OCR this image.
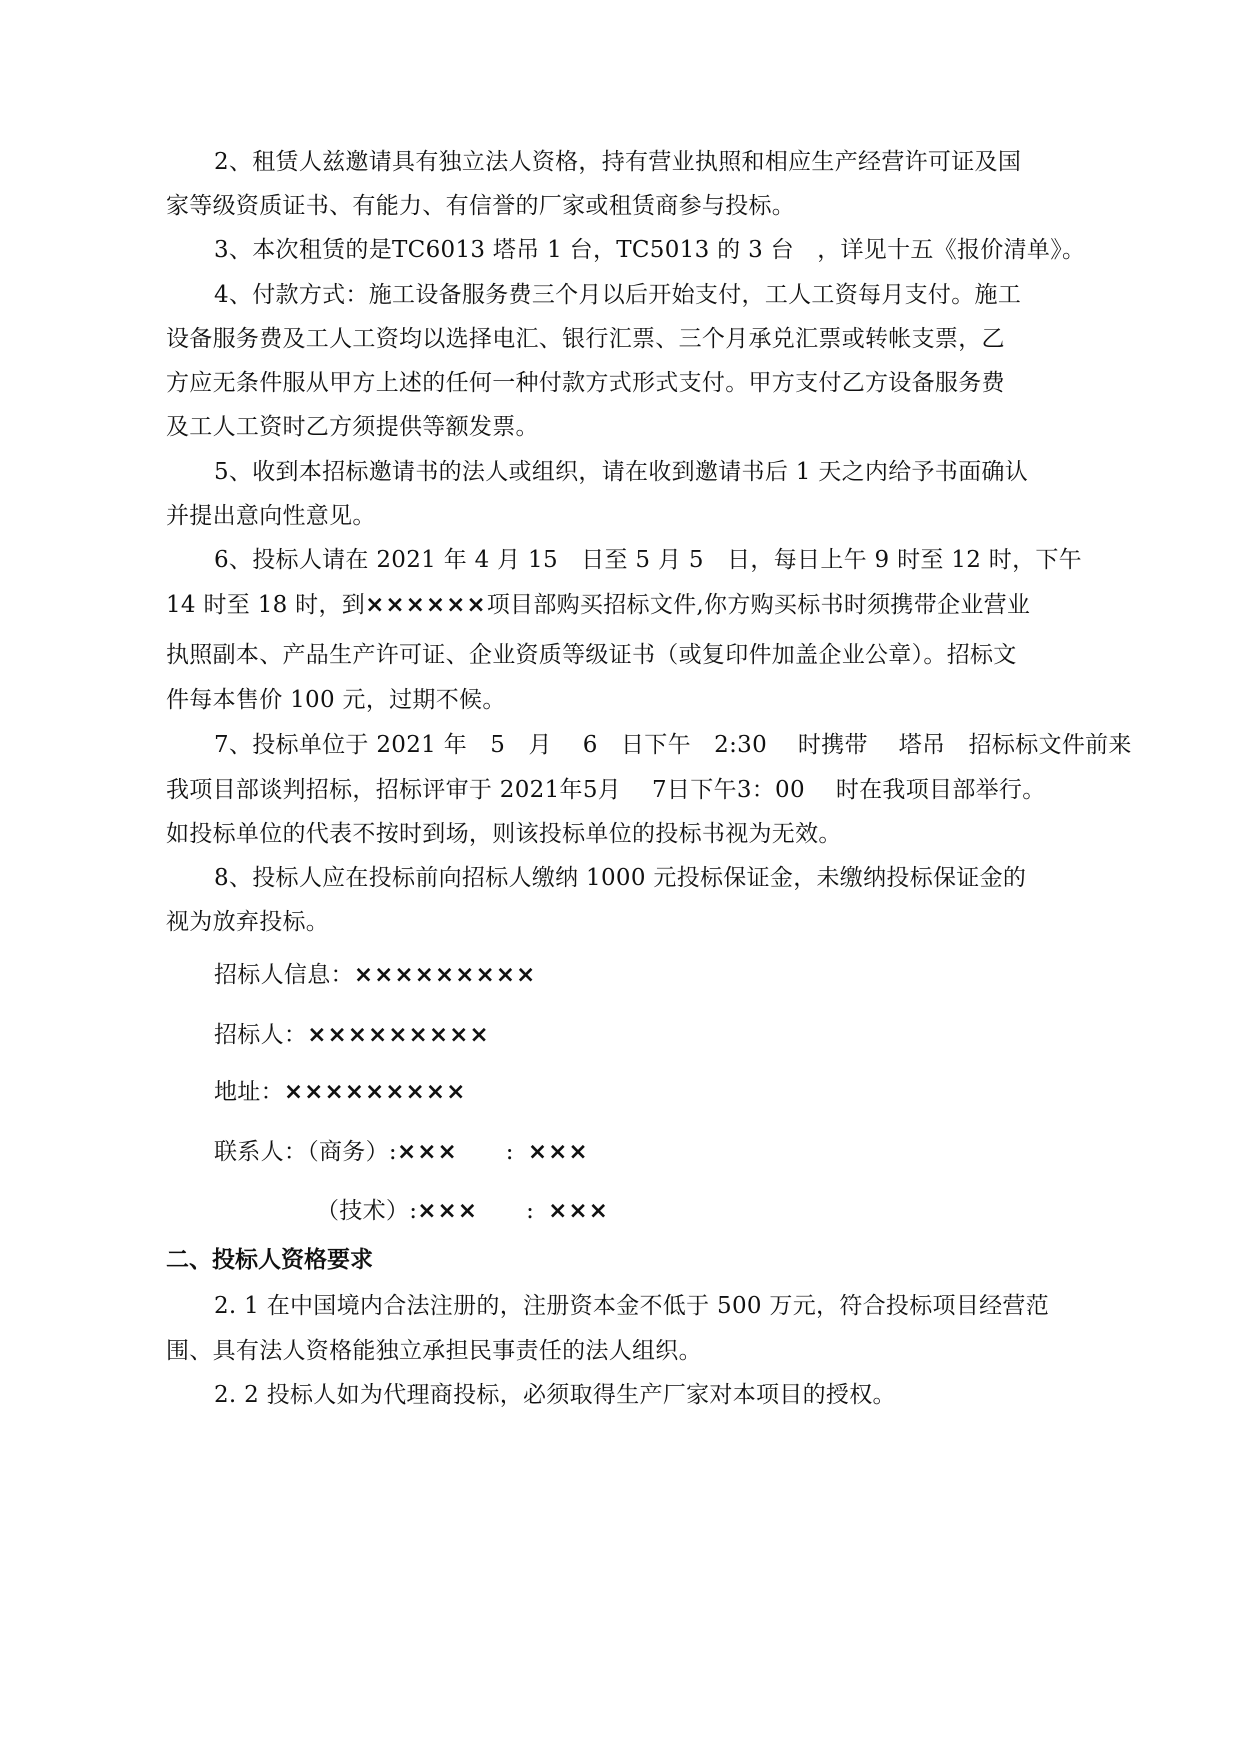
2、租赁人兹邀请具有独立法人资格，持有营业执照和相应生产经营许可证及国
家等级资质证书、有能力、有信誉的厂家或租赁商参与投标。
3、本次租赁的是TC6013 塔吊 1 台，TC5013 的 3 台　，详见十五《报价清单》。
4、付款方式：施工设备服务费三个月以后开始支付，工人工资每月支付。施工
设备服务费及工人工资均以选择电汇、银行汇票、三个月承兑汇票或转帐支票，乙
方应无条件服从甲方上述的任何一种付款方式形式支付。甲方支付乙方设备服务费
及工人工资时乙方须提供等额发票。
5、收到本招标邀请书的法人或组织，请在收到邀请书后 1 天之内给予书面确认
并提出意向性意见。
6、投标人请在 2021 年 4 月 15　日至 5 月 5　日，每日上午 9 时至 12 时，下午
14 时至 18 时，到××××××项目部购买招标文件,你方购买标书时须携带企业营业
执照副本、产品生产许可证、企业资质等级证书（或复印件加盖企业公章）。招标文
件每本售价 100 元，过期不候。
7、投标单位于 2021 年　5　月　 6　日下午　2:30　 时携带　 塔吊　招标标文件前来
我项目部谈判招标，招标评审于 2021年5月　 7日下午3：00　 时在我项目部举行。
如投标单位的代表不按时到场，则该投标单位的投标书视为无效。
8、投标人应在投标前向招标人缴纳 1000 元投标保证金，未缴纳投标保证金的
视为放弃投标。
招标人信息：×××××××××
招标人：×××××××××
地址：×××××××××
联系人：（商务）:××× : ×××
（技术）:××× : ×××
二、投标人资格要求
2. 1 在中国境内合法注册的，注册资本金不低于 500 万元，符合投标项目经营范
围、具有法人资格能独立承担民事责任的法人组织。
2. 2 投标人如为代理商投标，必须取得生产厂家对本项目的授权。
